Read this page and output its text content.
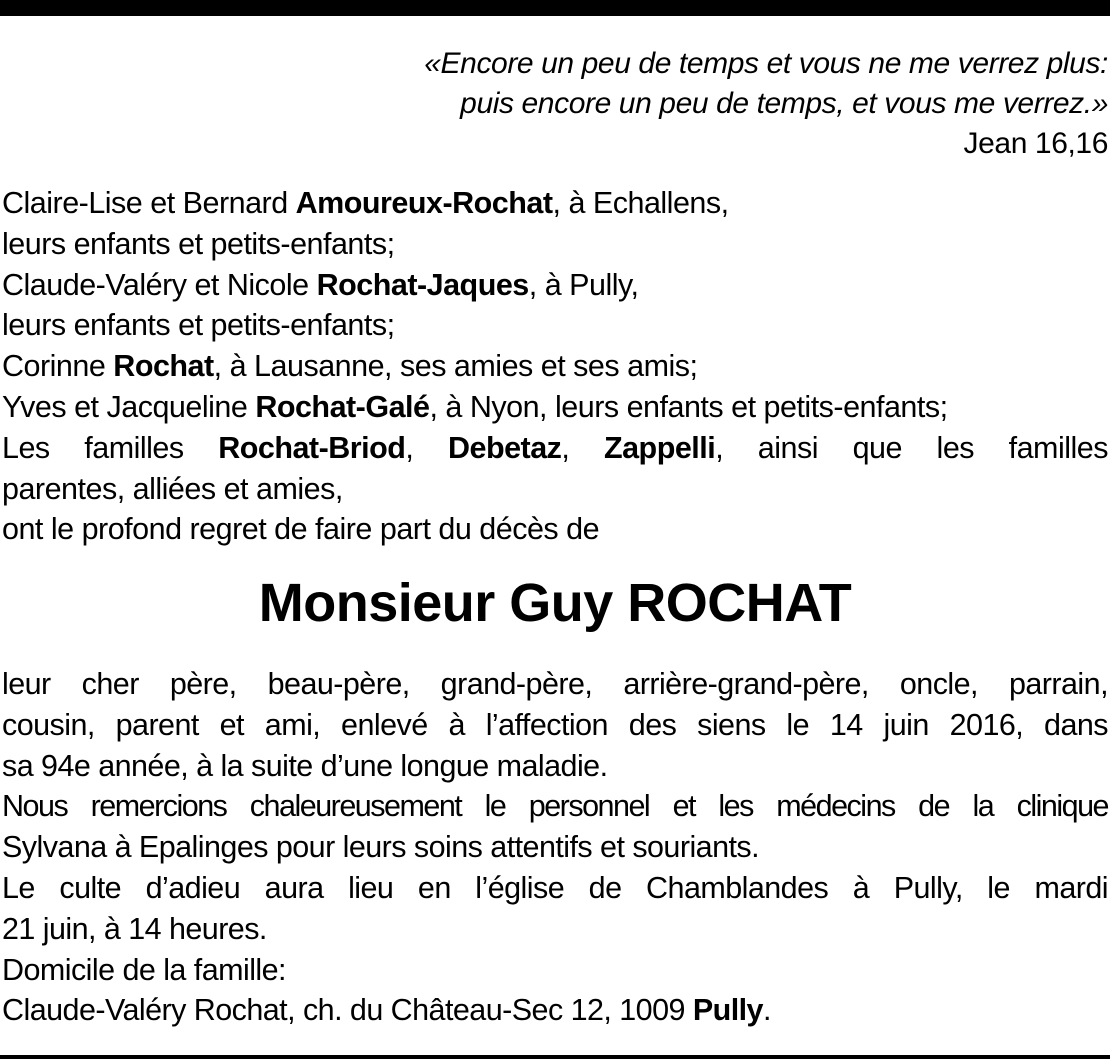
«Encore un peu de temps et vous ne me verrez plus:
puis encore un peu de temps, et vous me verrez.»
Jean 16,16
Claire-Lise et Bernard Amoureux-Rochat, à Echallens,
leurs enfants et petits-enfants;
Claude-Valéry et Nicole Rochat-Jaques, à Pully,
leurs enfants et petits-enfants;
Corinne Rochat, à Lausanne, ses amies et ses amis;
Yves et Jacqueline Rochat-Galé, à Nyon, leurs enfants et petits-enfants;
Les familles Rochat-Briod, Debetaz, Zappelli, ainsi que les familles
parentes, alliées et amies,
ont le profond regret de faire part du décès de
Monsieur Guy ROCHAT
leur cher père, beau-père, grand-père, arrière-grand-père, oncle, parrain,
cousin, parent et ami, enlevé à l’affection des siens le 14 juin 2016, dans
sa 94e année, à la suite d’une longue maladie.
Nous remercions chaleureusement le personnel et les médecins de la clinique
Sylvana à Epalinges pour leurs soins attentifs et souriants.
Le culte d’adieu aura lieu en l’église de Chamblandes à Pully, le mardi
21 juin, à 14 heures.
Domicile de la famille:
Claude-Valéry Rochat, ch. du Château-Sec 12, 1009 Pully.
